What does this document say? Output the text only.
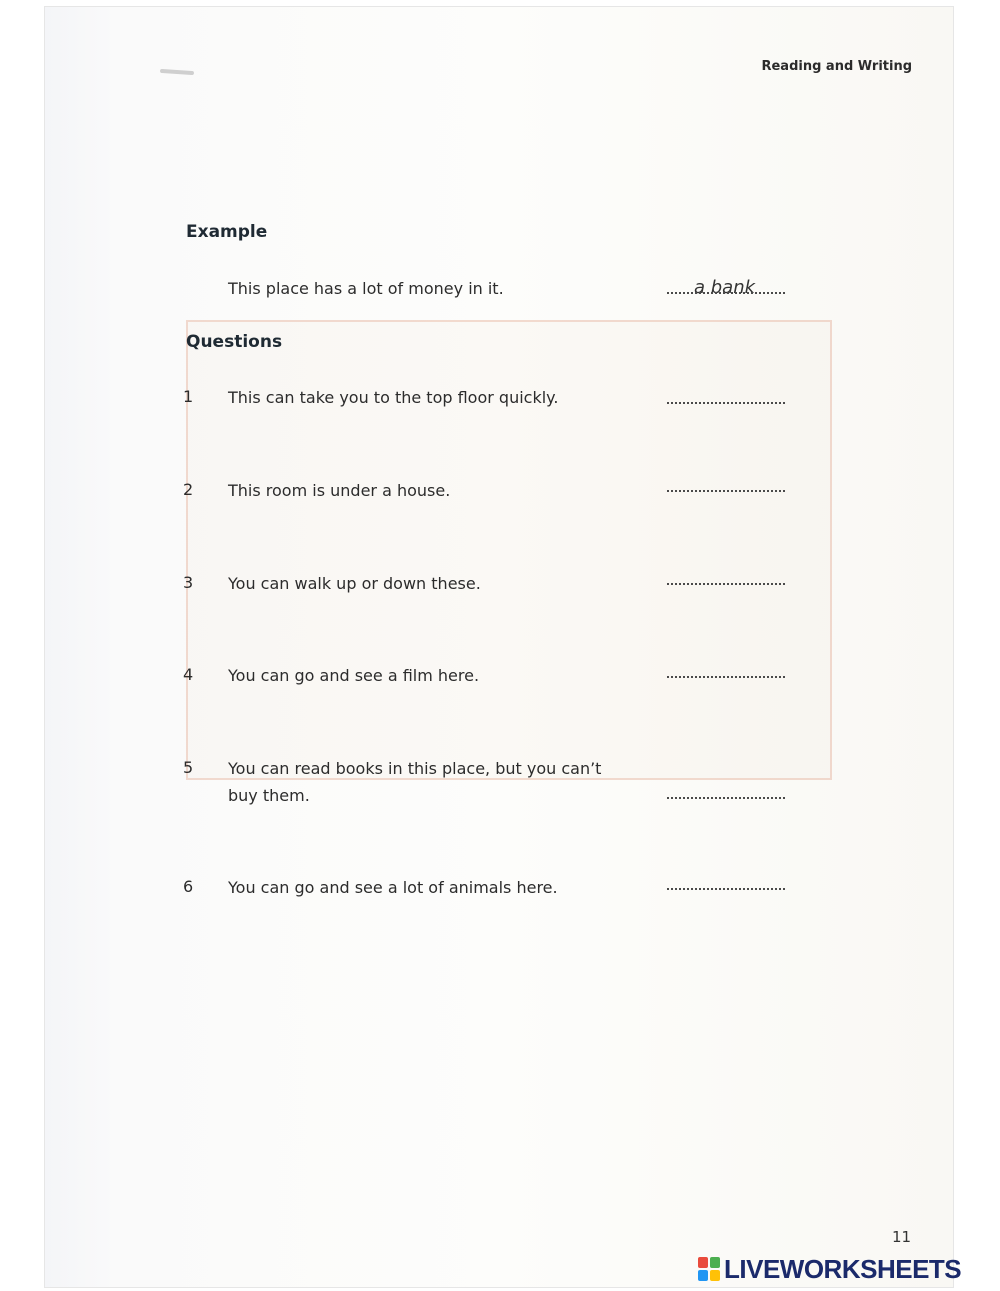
Reading and Writing
Example
This place has a lot of money in it.	a bank
Questions
1 This can take you to the top floor quickly.
2 This room is under a house.
3 You can walk up or down these.
4 You can go and see a film here.
5 You can read books in this place, but you can’t buy them.
6 You can go and see a lot of animals here.
11
LIVEWORKSHEETS
